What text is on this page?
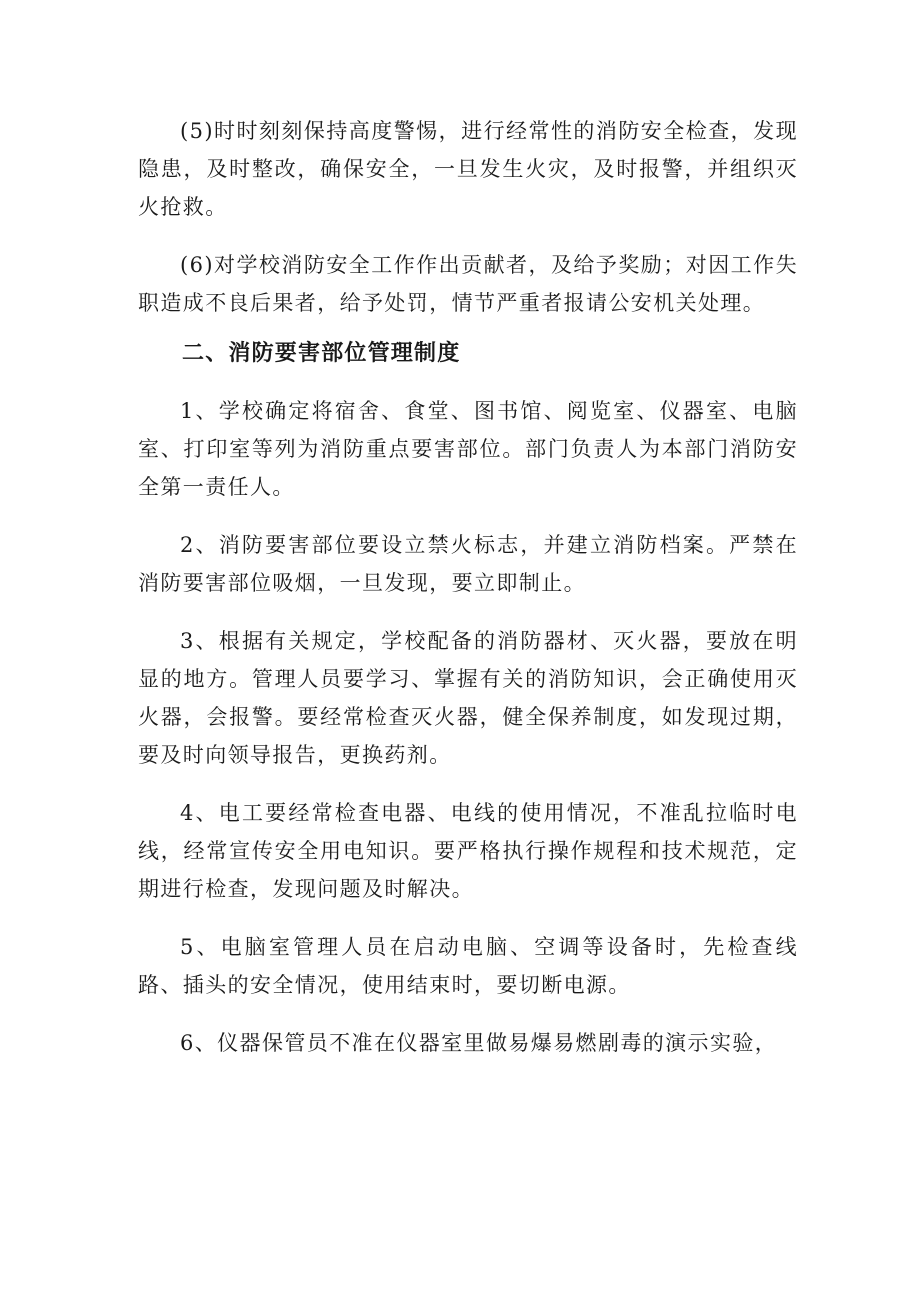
(5)时时刻刻保持高度警惕，进行经常性的消防安全检查，发现隐患，及时整改，确保安全，一旦发生火灾，及时报警，并组织灭火抢救。

(6)对学校消防安全工作作出贡献者，及给予奖励；对因工作失职造成不良后果者，给予处罚，情节严重者报请公安机关处理。

二、消防要害部位管理制度

1、学校确定将宿舍、食堂、图书馆、阅览室、仪器室、电脑室、打印室等列为消防重点要害部位。部门负责人为本部门消防安全第一责任人。

2、消防要害部位要设立禁火标志，并建立消防档案。严禁在消防要害部位吸烟，一旦发现，要立即制止。

3、根据有关规定，学校配备的消防器材、灭火器，要放在明显的地方。管理人员要学习、掌握有关的消防知识，会正确使用灭火器，会报警。要经常检查灭火器，健全保养制度，如发现过期，要及时向领导报告，更换药剂。

4、电工要经常检查电器、电线的使用情况，不准乱拉临时电线，经常宣传安全用电知识。要严格执行操作规程和技术规范，定期进行检查，发现问题及时解决。

5、电脑室管理人员在启动电脑、空调等设备时，先检查线路、插头的安全情况，使用结束时，要切断电源。

6、仪器保管员不准在仪器室里做易爆易燃剧毒的演示实验，
